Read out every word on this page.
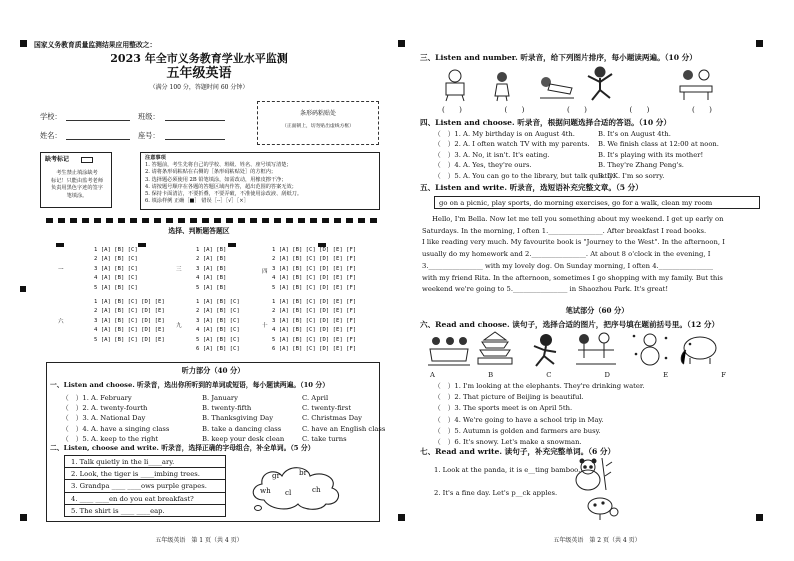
国家义务教育质量监测结果应用整改之：
2023 年全市义务教育学业水平监测
五年级英语
（满分 100 分，答题时间 60 分钟）
学校：	班级：
姓名：	座号：
条形码粘贴处
（正面朝上，切勿贴出虚线方框）
缺考标记
考生禁止填涂缺考
标记！只能由监考老师
负责用黑色字迹的签字
笔填涂。
注意事项
1. 答题前，考生先将自己的学校、班级、姓名、座号填写清楚；
2. 请将条形码粘贴在右侧的［条形码粘贴处］的方框内；
3. 选择题必须使用 2B 铅笔填涂，如需改动，用橡皮擦干净；
4. 请按题号顺序在各题的答题区域内作答，超出范围的答案无效；
5. 保持卡面清洁，不要折叠，不要弄破，不准使用涂改液、刮纸刀。
6. 填涂样例 正确［■］ 错误［--］［√］［×］
选择、判断题答题区
一
1 [A] [B] [C]
2 [A] [B] [C]
3 [A] [B] [C]
4 [A] [B] [C]
5 [A] [B] [C]
三
1 [A] [B]
2 [A] [B]
3 [A] [B]
4 [A] [B]
5 [A] [B]
四
1 [A] [B] [C] [D] [E] [F]
2 [A] [B] [C] [D] [E] [F]
3 [A] [B] [C] [D] [E] [F]
4 [A] [B] [C] [D] [E] [F]
5 [A] [B] [C] [D] [E] [F]
六
1 [A] [B] [C] [D] [E]
2 [A] [B] [C] [D] [E]
3 [A] [B] [C] [D] [E]
4 [A] [B] [C] [D] [E]
5 [A] [B] [C] [D] [E]
九
1 [A] [B] [C]
2 [A] [B] [C]
3 [A] [B] [C]
4 [A] [B] [C]
5 [A] [B] [C]
6 [A] [B] [C]
十
1 [A] [B] [C] [D] [E] [F]
2 [A] [B] [C] [D] [E] [F]
3 [A] [B] [C] [D] [E] [F]
4 [A] [B] [C] [D] [E] [F]
5 [A] [B] [C] [D] [E] [F]
6 [A] [B] [C] [D] [E] [F]
听力部分（40 分）
一、Listen and choose. 听录音，选出你所听到的单词或短语，每小题读两遍。（10 分）
（　）1. A. February	B. January	C. April
（　）2. A. twenty-fourth	B. twenty-fifth	C. twenty-first
（　）3. A. National Day	B. Thanksgiving Day	C. Christmas Day
（　）4. A. have a singing class	B. take a dancing class	C. have an English class
（　）5. A. keep to the right	B. keep your desk clean	C. take turns
二、Listen, choose and write. 听录音，选择正确的字母组合，补全单词。（5 分）
1. Talk quietly in the li____ary.
2. Look, the tiger is ____imbing trees.
3. Grandpa ____ ____ows purple grapes.
4. ____ ____en do you eat breakfast?
5. The shirt is ____ ____eap.
gr	br
wh cl	ch
五年级英语　第 1 页（共 4 页）
三、Listen and number. 听录音，给下列图片排序，每小题读两遍。（10 分）
(　　)	(　　)	(　　)	(　　)	(　　)
四、Listen and choose. 听录音，根据问题选择合适的答语。（10 分）
（　）1. A. My birthday is on August 4th.	B. It's on August 4th.
（　）2. A. I often watch TV with my parents.	B. We finish class at 12:00 at noon.
（　）3. A. No, it isn't. It's eating.	B. It's playing with its mother!
（　）4. A. Yes, they're ours.	B. They're Zhang Peng's.
（　）5. A. You can go to the library, but talk quietly.
B. OK. I'm so sorry.
五、Listen and write. 听录音，选短语补充完整文章。（5 分）
go on a picnic, play sports, do morning exercises, go for a walk, clean my room
Hello, I'm Bella. Now let me tell you something about my weekend. I get up early on
Saturdays. In the morning, I often 1.________________. After breakfast I read books.
I like reading very much. My favourite book is "Journey to the West". In the afternoon, I
usually do my homework and 2.________________. At about 8 o'clock in the evening, I
3.________________ with my lovely dog. On Sunday morning, I often 4.________________
with my friend Rita. In the afternoon, sometimes I go shopping with my family. But this
weekend we're going to 5.________________ in Shaozhou Park. It's great!
笔试部分（60 分）
六、Read and choose. 读句子，选择合适的图片，把序号填在题前括号里。（12 分）
A	B	C	D	E	F
（　）1. I'm looking at the elephants. They're drinking water.
（　）2. That picture of Beijing is beautiful.
（　）3. The sports meet is on April 5th.
（　）4. We're going to have a school trip in May.
（　）5. Autumn is golden and farmers are busy.
（　）6. It's snowy. Let's make a snowman.
七、Read and write. 读句子，补充完整单词。（6 分）
1. Look at the panda, it is e__ting bamboo.
2. It's a fine day. Let's p__ck apples.
五年级英语　第 2 页（共 4 页）
